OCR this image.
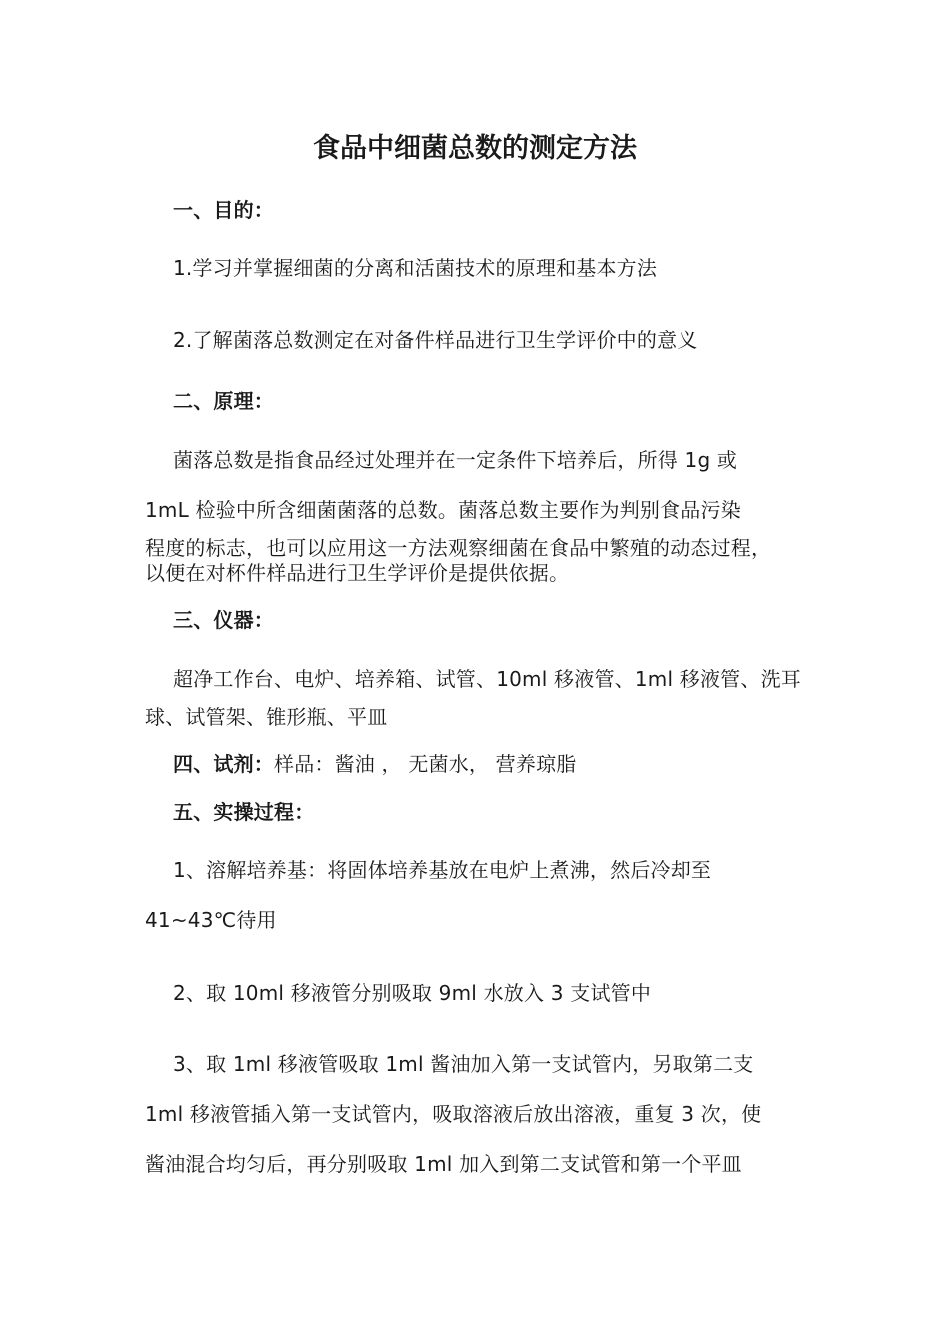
食品中细菌总数的测定方法
一、目的：
1.学习并掌握细菌的分离和活菌技术的原理和基本方法
2.了解菌落总数测定在对备件样品进行卫生学评价中的意义
二、原理：
菌落总数是指食品经过处理并在一定条件下培养后，所得 1g 或
1mL 检验中所含细菌菌落的总数。菌落总数主要作为判别食品污染
程度的标志，也可以应用这一方法观察细菌在食品中繁殖的动态过程，
以便在对杯件样品进行卫生学评价是提供依据。
三、仪器：
超净工作台、电炉、培养箱、试管、10ml 移液管、1ml 移液管、洗耳
球、试管架、锥形瓶、平皿
四、试剂：样品：酱油 ， 无菌水， 营养琼脂
五、实操过程：
1、溶解培养基：将固体培养基放在电炉上煮沸，然后冷却至
41~43℃待用
2、取 10ml 移液管分别吸取 9ml 水放入 3 支试管中
3、取 1ml 移液管吸取 1ml 酱油加入第一支试管内，另取第二支
1ml 移液管插入第一支试管内，吸取溶液后放出溶液，重复 3 次，使
酱油混合均匀后，再分别吸取 1ml 加入到第二支试管和第一个平皿
